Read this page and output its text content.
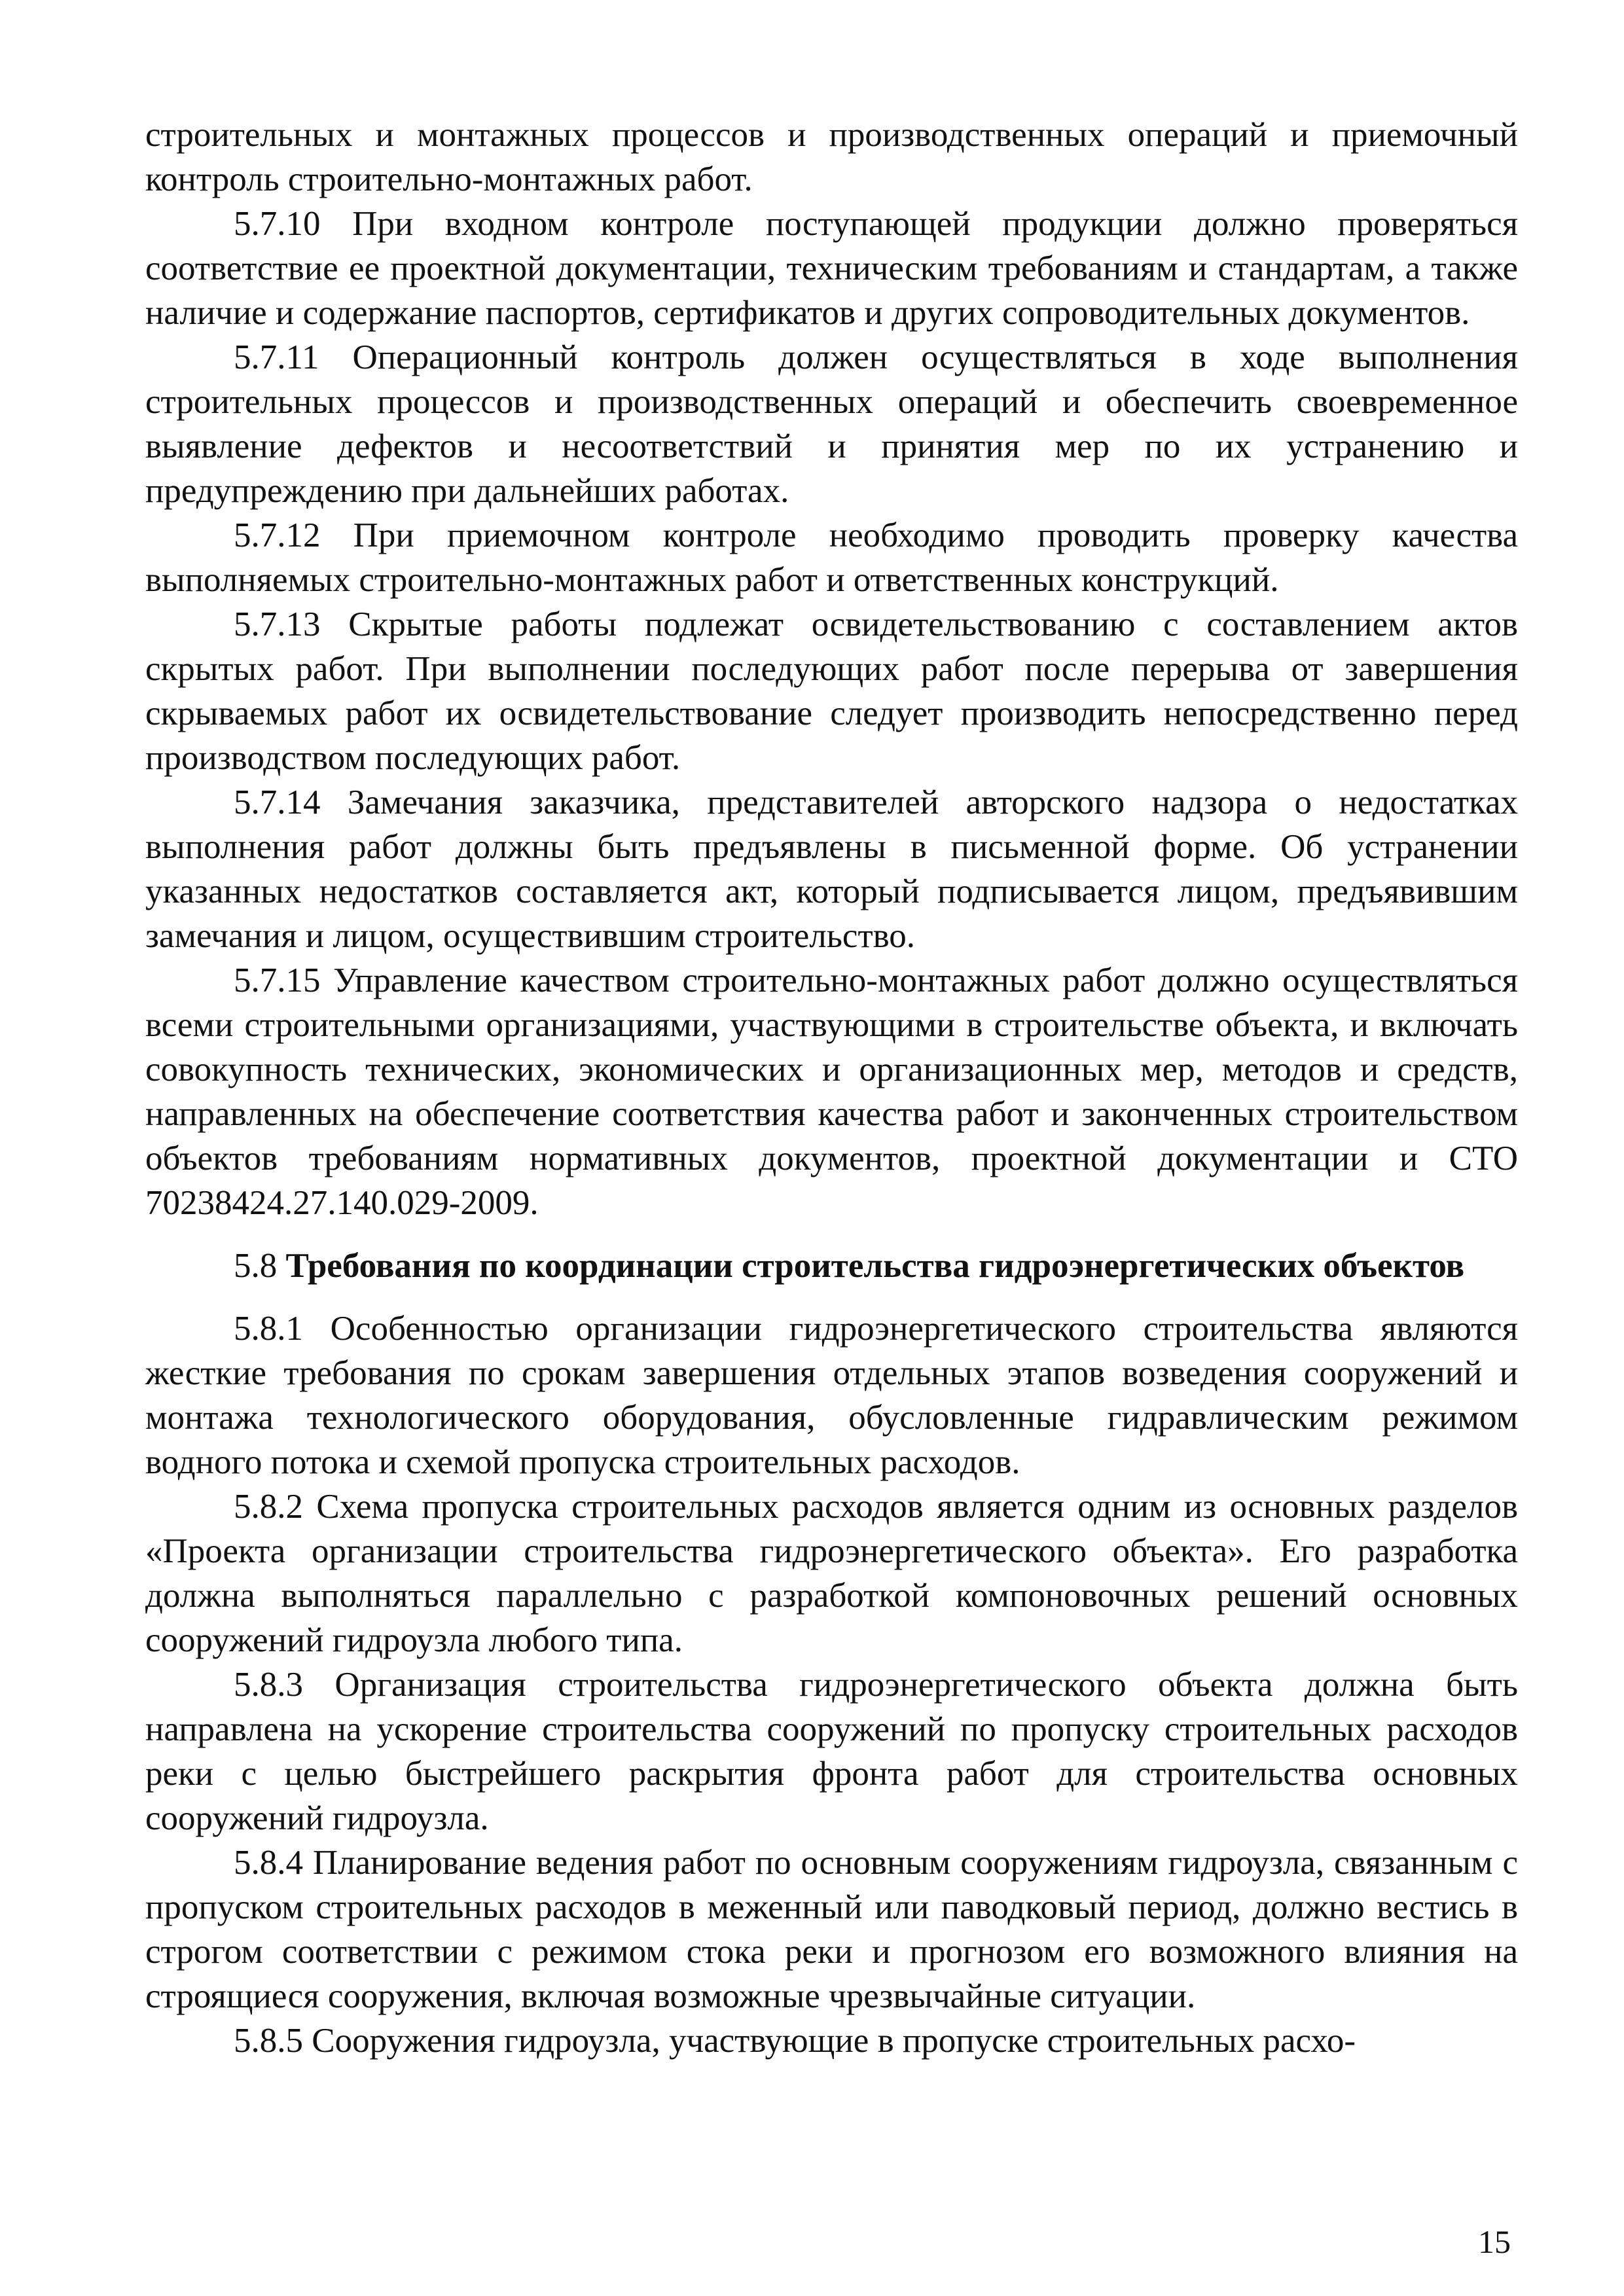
строительных и монтажных процессов и производственных операций и приемочный контроль строительно-монтажных работ.

5.7.10 При входном контроле поступающей продукции должно проверяться соответствие ее проектной документации, техническим требованиям и стандартам, а также наличие и содержание паспортов, сертификатов и других сопроводительных документов.

5.7.11 Операционный контроль должен осуществляться в ходе выполнения строительных процессов и производственных операций и обеспечить своевременное выявление дефектов и несоответствий и принятия мер по их устранению и предупреждению при дальнейших работах.

5.7.12 При приемочном контроле необходимо проводить проверку качества выполняемых строительно-монтажных работ и ответственных конструкций.

5.7.13 Скрытые работы подлежат освидетельствованию с составлением актов скрытых работ. При выполнении последующих работ после перерыва от завершения скрываемых работ их освидетельствование следует производить непосредственно перед производством последующих работ.

5.7.14 Замечания заказчика, представителей авторского надзора о недостатках выполнения работ должны быть предъявлены в письменной форме. Об устранении указанных недостатков составляется акт, который подписывается лицом, предъявившим замечания и лицом, осуществившим строительство.

5.7.15 Управление качеством строительно-монтажных работ должно осуществляться всеми строительными организациями, участвующими в строительстве объекта, и включать совокупность технических, экономических и организационных мер, методов и средств, направленных на обеспечение соответствия качества работ и законченных строительством объектов требованиям нормативных документов, проектной документации и СТО 70238424.27.140.029-2009.

5.8 Требования по координации строительства гидроэнергетических объектов

5.8.1 Особенностью организации гидроэнергетического строительства являются жесткие требования по срокам завершения отдельных этапов возведения сооружений и монтажа технологического оборудования, обусловленные гидравлическим режимом водного потока и схемой пропуска строительных расходов.

5.8.2 Схема пропуска строительных расходов является одним из основных разделов «Проекта организации строительства гидроэнергетического объекта». Его разработка должна выполняться параллельно с разработкой компоновочных решений основных сооружений гидроузла любого типа.

5.8.3 Организация строительства гидроэнергетического объекта должна быть направлена на ускорение строительства сооружений по пропуску строительных расходов реки с целью быстрейшего раскрытия фронта работ для строительства основных сооружений гидроузла.

5.8.4 Планирование ведения работ по основным сооружениям гидроузла, связанным с пропуском строительных расходов в меженный или паводковый период, должно вестись в строгом соответствии с режимом стока реки и прогнозом его возможного влияния на строящиеся сооружения, включая возможные чрезвычайные ситуации.

5.8.5 Сооружения гидроузла, участвующие в пропуске строительных расхо-

15
